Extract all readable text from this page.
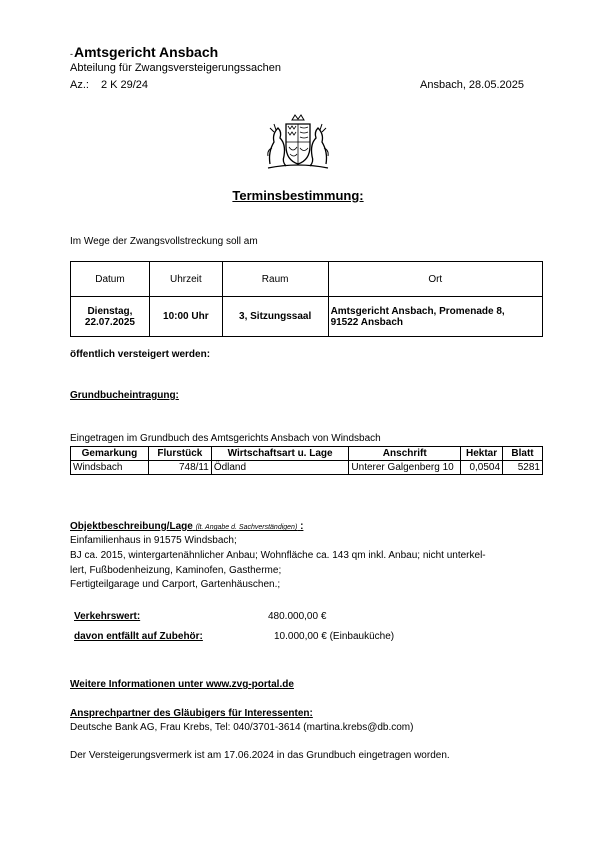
-Amtsgericht Ansbach
Abteilung für Zwangsversteigerungssachen
Az.: 2 K 29/24	Ansbach, 28.05.2025
Terminsbestimmung:
Im Wege der Zwangsvollstreckung soll am
Datum	Uhrzeit	Raum	Ort
Dienstag,
22.07.2025	10:00 Uhr	3, Sitzungssaal	Amtsgericht Ansbach, Promenade 8,
91522 Ansbach
öffentlich versteigert werden:
Grundbucheintragung:
Eingetragen im Grundbuch des Amtsgerichts Ansbach von Windsbach
Gemarkung	Flurstück	Wirtschaftsart u. Lage	Anschrift	Hektar	Blatt
Windsbach	748/11	Ödland	Unterer Galgenberg 10	0,0504	5281
Objektbeschreibung/Lage (lt. Angabe d. Sachverständigen) :
Einfamilienhaus in 91575 Windsbach;
BJ ca. 2015, wintergartenähnlicher Anbau; Wohnfläche ca. 143 qm inkl. Anbau; nicht unterkel-
lert, Fußbodenheizung, Kaminofen, Gastherme;
Fertigteilgarage und Carport, Gartenhäuschen.;
Verkehrswert:	480.000,00 €
davon entfällt auf Zubehör:	10.000,00 € (Einbauküche)
Weitere Informationen unter www.zvg-portal.de
Ansprechpartner des Gläubigers für Interessenten:
Deutsche Bank AG, Frau Krebs, Tel: 040/3701-3614 (martina.krebs@db.com)
Der Versteigerungsvermerk ist am 17.06.2024 in das Grundbuch eingetragen worden.
